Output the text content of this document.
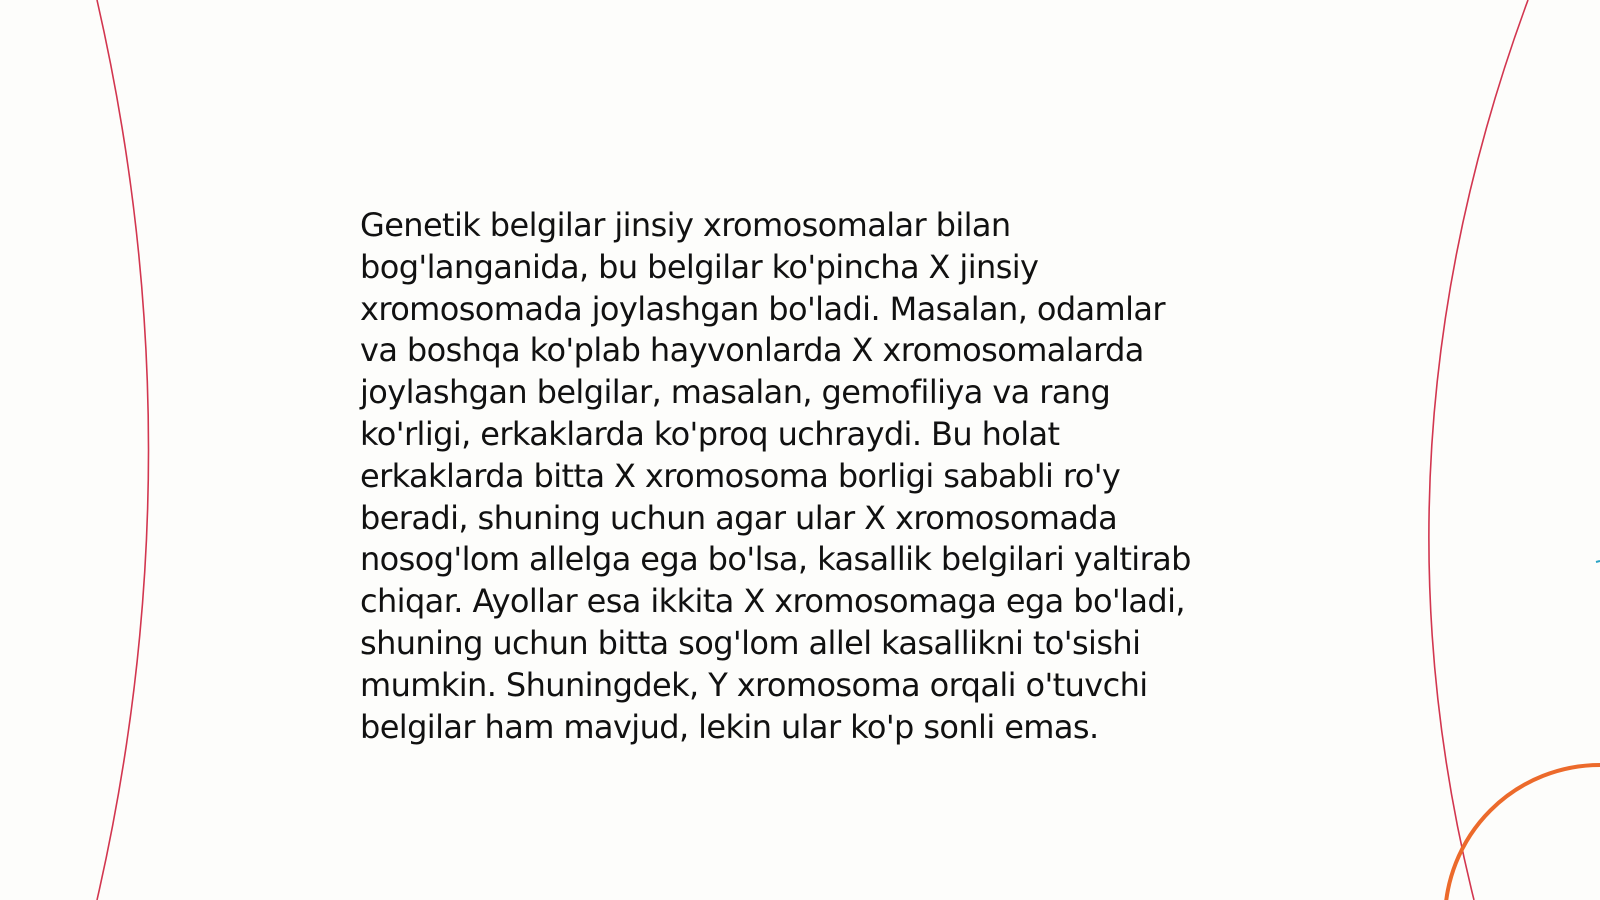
Genetik belgilar jinsiy xromosomalar bilan
bog'langanida, bu belgilar ko'pincha X jinsiy
xromosomada joylashgan bo'ladi. Masalan, odamlar
va boshqa ko'plab hayvonlarda X xromosomalarda
joylashgan belgilar, masalan, gemofiliya va rang
ko'rligi, erkaklarda ko'proq uchraydi. Bu holat
erkaklarda bitta X xromosoma borligi sababli ro'y
beradi, shuning uchun agar ular X xromosomada
nosog'lom allelga ega bo'lsa, kasallik belgilari yaltirab
chiqar. Ayollar esa ikkita X xromosomaga ega bo'ladi,
shuning uchun bitta sog'lom allel kasallikni to'sishi
mumkin. Shuningdek, Y xromosoma orqali o'tuvchi
belgilar ham mavjud, lekin ular ko'p sonli emas.
